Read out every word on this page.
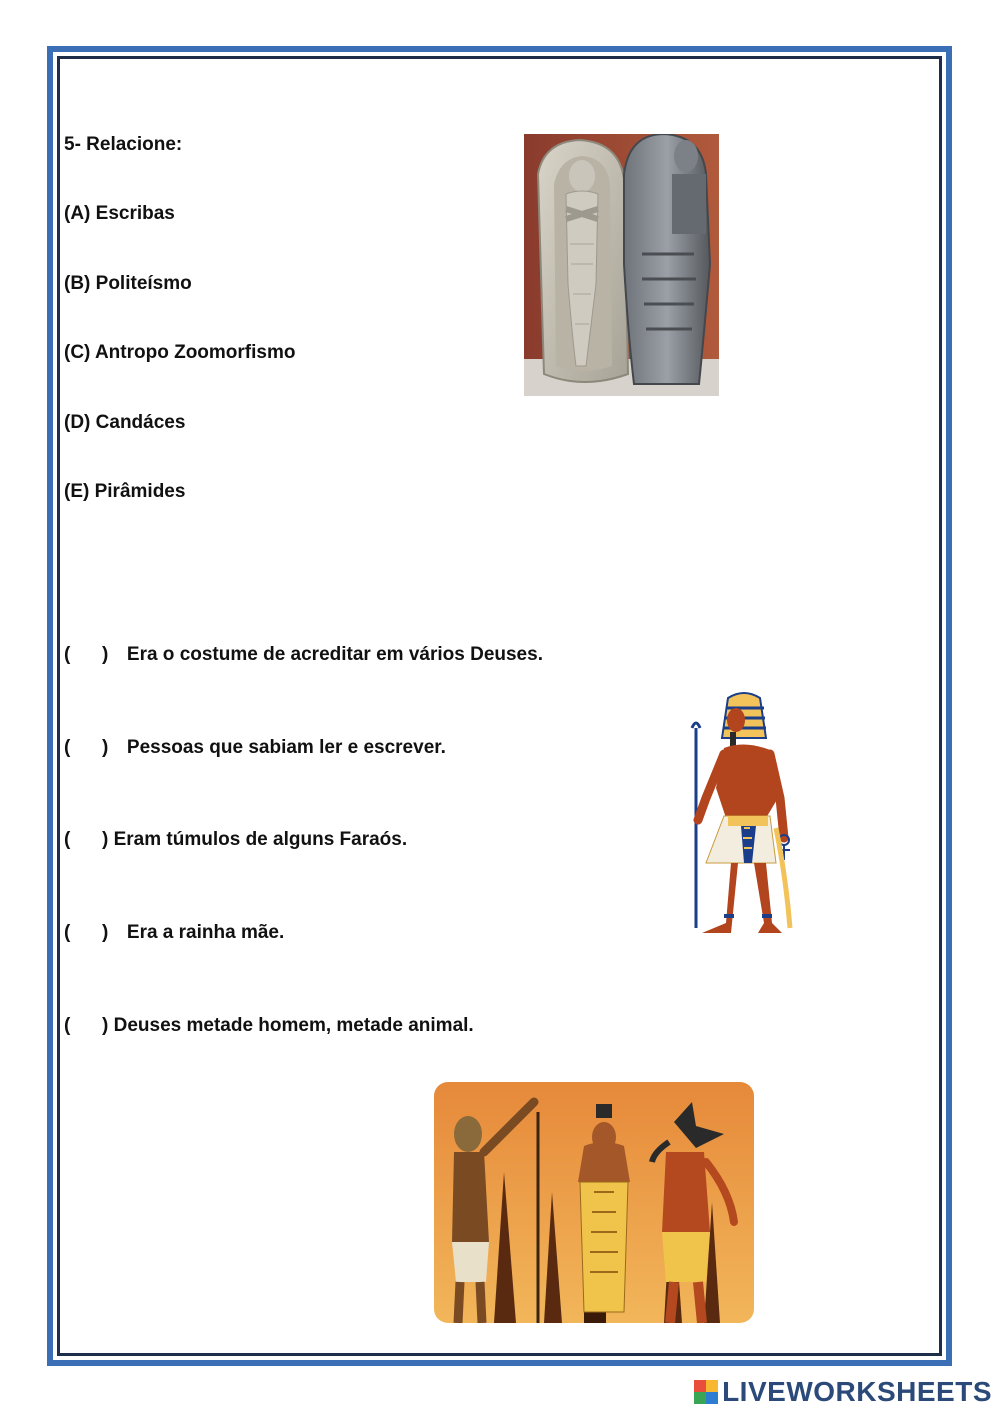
5- Relacione:
(A) Escribas
(B) Politeísmo
(C) Antropo Zoomorfismo
(D) Candáces
(E) Pirâmides
(      ) Era o costume de acreditar em vários Deuses.
(      ) Pessoas que sabiam ler e escrever.
(      ) Eram túmulos de alguns Faraós.
(      ) Era a rainha mãe.
(      ) Deuses metade homem, metade animal.
LIVEWORKSHEETS
